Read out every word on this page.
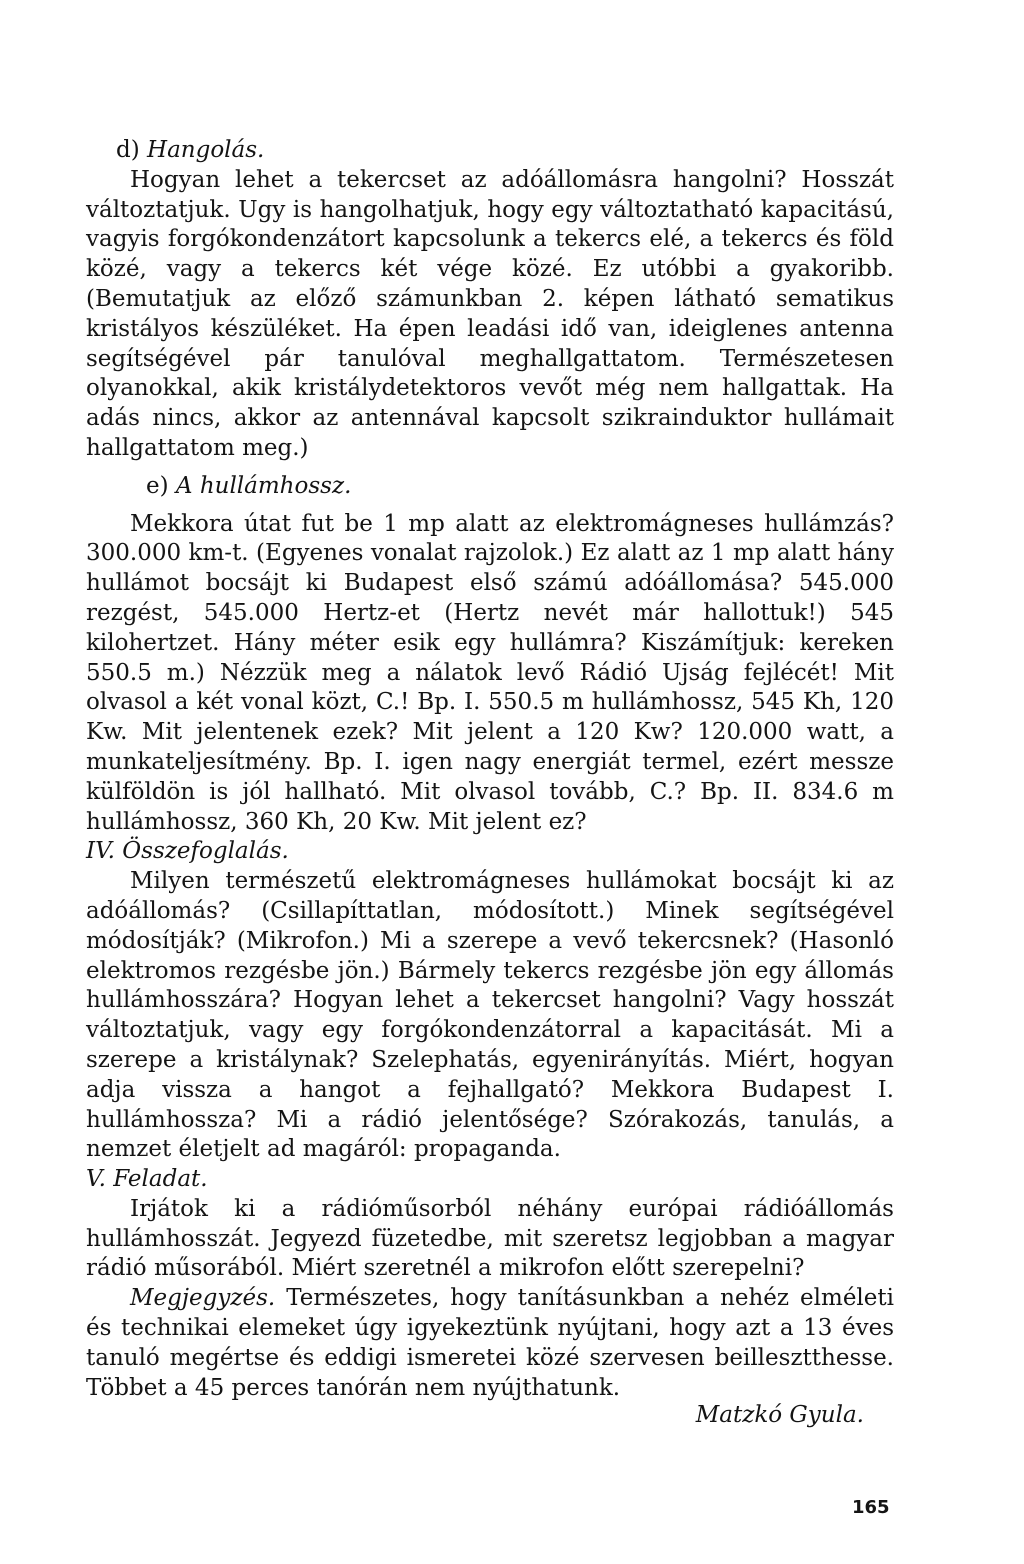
d) Hangolás.

Hogyan lehet a tekercset az adóállomásra hangolni? Hosszát változtatjuk. Ugy is hangolhatjuk, hogy egy változtatható kapacitású, vagyis forgókondenzátort kapcsolunk a tekercs elé, a tekercs és föld közé, vagy a tekercs két vége közé. Ez utóbbi a gyakoribb. (Bemutatjuk az előző számunkban 2. képen látható sematikus kristályos készüléket. Ha épen leadási idő van, ideiglenes antenna segítségével pár tanulóval meghallgattatom. Természetesen olyanokkal, akik kristálydetektoros vevőt még nem hallgattak. Ha adás nincs, akkor az antennával kapcsolt szikrainduktor hullámait hallgattatom meg.)

e) A hullámhossz.

Mekkora útat fut be 1 mp alatt az elektromágneses hullámzás? 300.000 km-t. (Egyenes vonalat rajzolok.) Ez alatt az 1 mp alatt hány hullámot bocsájt ki Budapest első számú adóállomása? 545.000 rezgést, 545.000 Hertz-et (Hertz nevét már hallottuk!) 545 kilohertzet. Hány méter esik egy hullámra? Kiszámítjuk: kereken 550.5 m.) Nézzük meg a nálatok levő Rádió Ujság fejlécét! Mit olvasol a két vonal közt, C.! Bp. I. 550.5 m hullámhossz, 545 Kh, 120 Kw. Mit jelentenek ezek? Mit jelent a 120 Kw? 120.000 watt, a munkateljesítmény. Bp. I. igen nagy energiát termel, ezért messze külföldön is jól hallható. Mit olvasol tovább, C.? Bp. II. 834.6 m hullámhossz, 360 Kh, 20 Kw. Mit jelent ez?

IV. Összefoglalás.

Milyen természetű elektromágneses hullámokat bocsájt ki az adóállomás? (Csillapíttatlan, módosított.) Minek segítségével módosítják? (Mikrofon.) Mi a szerepe a vevő tekercsnek? (Hasonló elektromos rezgésbe jön.) Bármely tekercs rezgésbe jön egy állomás hullámhosszára? Hogyan lehet a tekercset hangolni? Vagy hosszát változtatjuk, vagy egy forgókondenzátorral a kapacitását. Mi a szerepe a kristálynak? Szelephatás, egyenirányítás. Miért, hogyan adja vissza a hangot a fejhallgató? Mekkora Budapest I. hullámhossza? Mi a rádió jelentősége? Szórakozás, tanulás, a nemzet életjelt ad magáról: propaganda.

V. Feladat.

Irjátok ki a rádióműsorból néhány európai rádióállomás hullámhosszát. Jegyezd füzetedbe, mit szeretsz legjobban a magyar rádió műsorából. Miért szeretnél a mikrofon előtt szerepelni?

Megjegyzés. Természetes, hogy tanításunkban a nehéz elméleti és technikai elemeket úgy igyekeztünk nyújtani, hogy azt a 13 éves tanuló megértse és eddigi ismeretei közé szervesen beillesztthesse. Többet a 45 perces tanórán nem nyújthatunk.

Matzkó Gyula.
165
